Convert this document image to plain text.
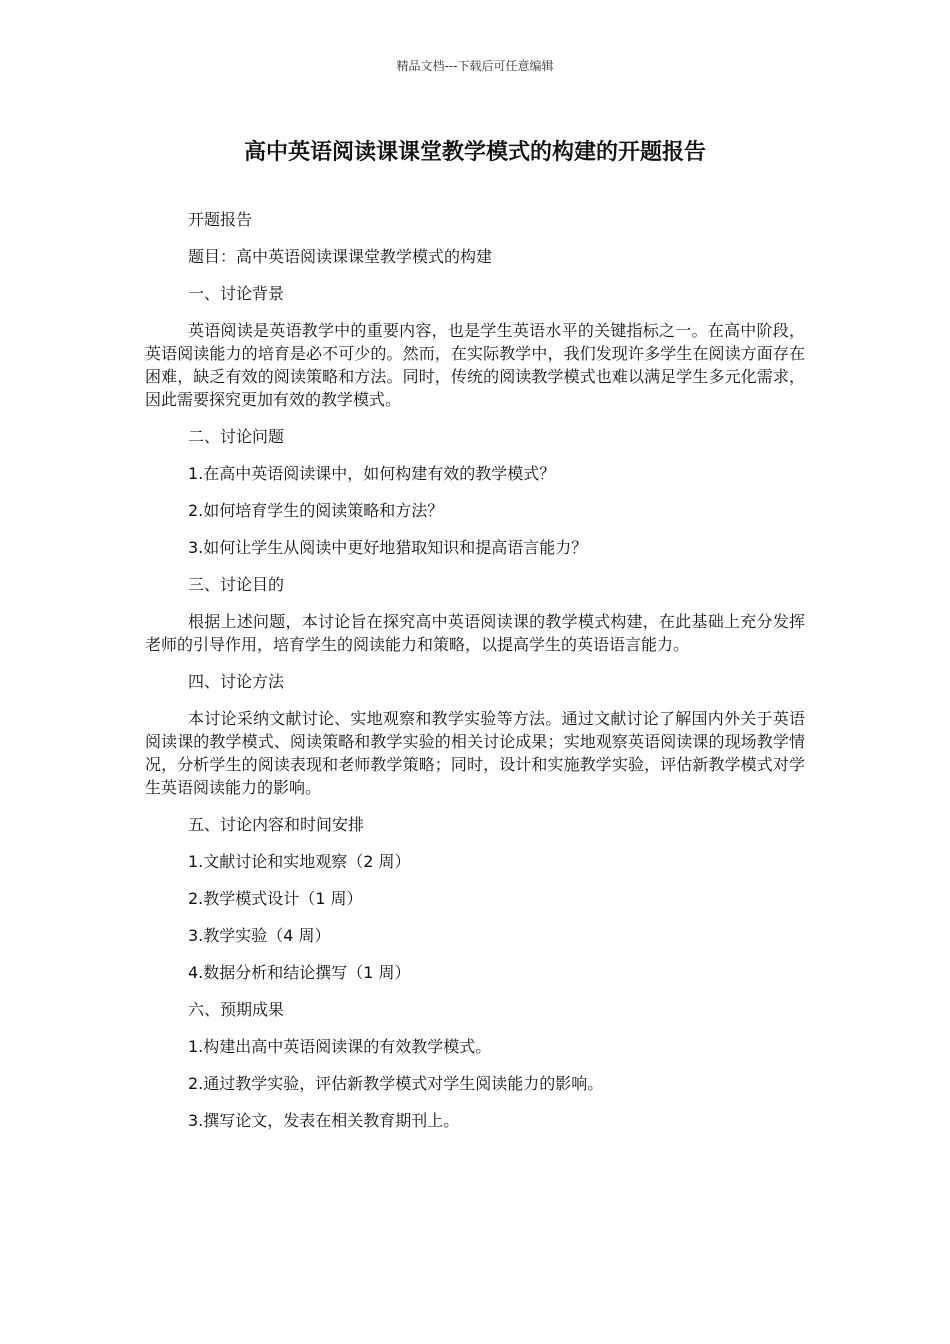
精品文档---下载后可任意编辑
高中英语阅读课课堂教学模式的构建的开题报告

开题报告

题目：高中英语阅读课课堂教学模式的构建

一、讨论背景

英语阅读是英语教学中的重要内容，也是学生英语水平的关键指标之一。在高中阶段，英语阅读能力的培育是必不可少的。然而，在实际教学中，我们发现许多学生在阅读方面存在困难，缺乏有效的阅读策略和方法。同时，传统的阅读教学模式也难以满足学生多元化需求，因此需要探究更加有效的教学模式。

二、讨论问题

1.在高中英语阅读课中，如何构建有效的教学模式？

2.如何培育学生的阅读策略和方法？

3.如何让学生从阅读中更好地猎取知识和提高语言能力？

三、讨论目的

根据上述问题，本讨论旨在探究高中英语阅读课的教学模式构建，在此基础上充分发挥老师的引导作用，培育学生的阅读能力和策略，以提高学生的英语语言能力。

四、讨论方法

本讨论采纳文献讨论、实地观察和教学实验等方法。通过文献讨论了解国内外关于英语阅读课的教学模式、阅读策略和教学实验的相关讨论成果；实地观察英语阅读课的现场教学情况，分析学生的阅读表现和老师教学策略；同时，设计和实施教学实验，评估新教学模式对学生英语阅读能力的影响。

五、讨论内容和时间安排

1.文献讨论和实地观察（2 周）

2.教学模式设计（1 周）

3.教学实验（4 周）

4.数据分析和结论撰写（1 周）

六、预期成果

1.构建出高中英语阅读课的有效教学模式。

2.通过教学实验，评估新教学模式对学生阅读能力的影响。

3.撰写论文，发表在相关教育期刊上。
